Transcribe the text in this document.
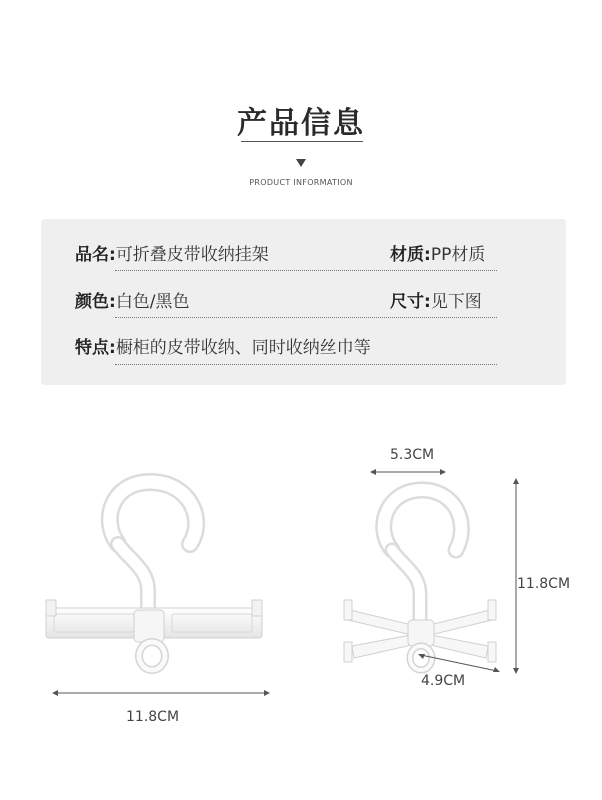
产品信息
PRODUCT INFORMATION
品名:可折叠皮带收纳挂架	材质:PP材质
颜色:白色/黑色	尺寸:见下图
特点:橱柜的皮带收纳、同时收纳丝巾等
11.8CM
5.3CM
11.8CM
4.9CM
